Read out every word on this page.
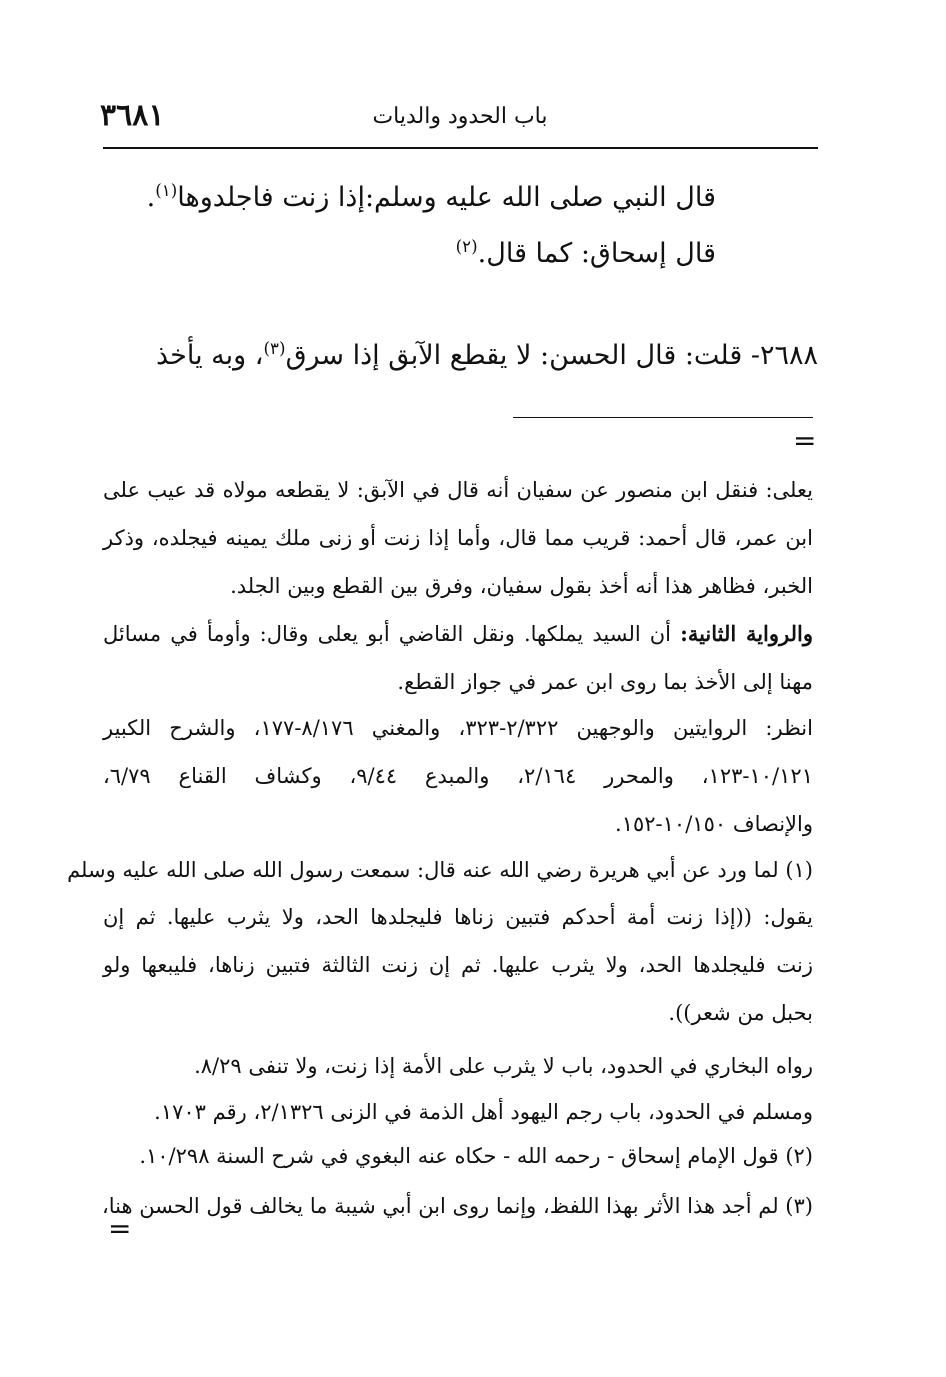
٣٦٨١	باب الحدود والديات
قال النبي صلى الله عليه وسلم:إذا زنت فاجلدوها$^{(١)}$.
قال إسحاق: كما قال.$^{(٢)}$
٢٦٨٨- قلت: قال الحسن: لا يقطع الآبق إذا سرق$^{(٣)}$، وبه يأخذ
=
يعلى: فنقل ابن منصور عن سفيان أنه قال في الآبق: لا يقطعه مولاه قد عيب على
ابن عمر، قال أحمد: قريب مما قال، وأما إذا زنت أو زنى ملك يمينه فيجلده، وذكر
الخبر، فظاهر هذا أنه أخذ بقول سفيان، وفرق بين القطع وبين الجلد.
والرواية الثانية: أن السيد يملكها. ونقل القاضي أبو يعلى وقال: وأومأ في مسائل
مهنا إلى الأخذ بما روى ابن عمر في جواز القطع.
انظر: الروايتين والوجهين ٢/٣٢٢-٣٢٣، والمغني ٨/١٧٦-١٧٧، والشرح الكبير
١٠/١٢١-١٢٣، والمحرر ٢/١٦٤، والمبدع ٩/٤٤، وكشاف القناع ٦/٧٩،
والإنصاف ١٠/١٥٠-١٥٢.
(١) لما ورد عن أبي هريرة رضي الله عنه قال: سمعت رسول الله صلى الله عليه وسلم
يقول: ((إذا زنت أمة أحدكم فتبين زناها فليجلدها الحد، ولا يثرب عليها. ثم إن
زنت فليجلدها الحد، ولا يثرب عليها. ثم إن زنت الثالثة فتبين زناها، فليبعها ولو
بحبل من شعر)).
رواه البخاري في الحدود، باب لا يثرب على الأمة إذا زنت، ولا تنفى ٨/٢٩.
ومسلم في الحدود، باب رجم اليهود أهل الذمة في الزنى ٢/١٣٢٦، رقم ١٧٠٣.
(٢) قول الإمام إسحاق - رحمه الله - حكاه عنه البغوي في شرح السنة ١٠/٢٩٨.
(٣) لم أجد هذا الأثر بهذا اللفظ، وإنما روى ابن أبي شيبة ما يخالف قول الحسن هنا،
=
